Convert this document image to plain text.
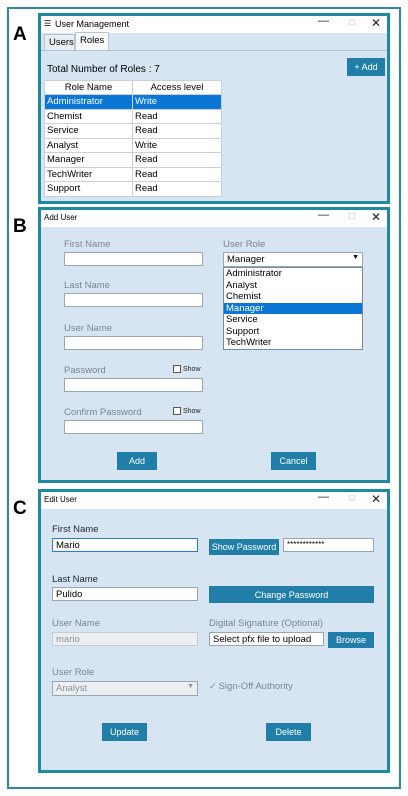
A
B
C
☰ User Management	— □ ✕
Users Roles
Total Number of Roles : 7	+ Add
Role Name	Access level
Administrator	Write
Chemist	Read
Service	Read
Analyst	Write
Manager	Read
TechWriter	Read
Support	Read
Add User	— □ ✕
First Name
Last Name
User Name
Password	Show
Confirm Password	Show
User Role
Manager	▼
Administrator
Analyst
Chemist
Manager
Service
Support
TechWriter
Add	Cancel
Edit User	— □ ✕
First Name
Mario	Show Password	************
Last Name
Pulido	Change Password
User Name
mario
Digital Signature (Optional)
Select pfx file to upload	Browse
User Role
Analyst	▼ ✓ Sign-Off Authority
Update	Delete
